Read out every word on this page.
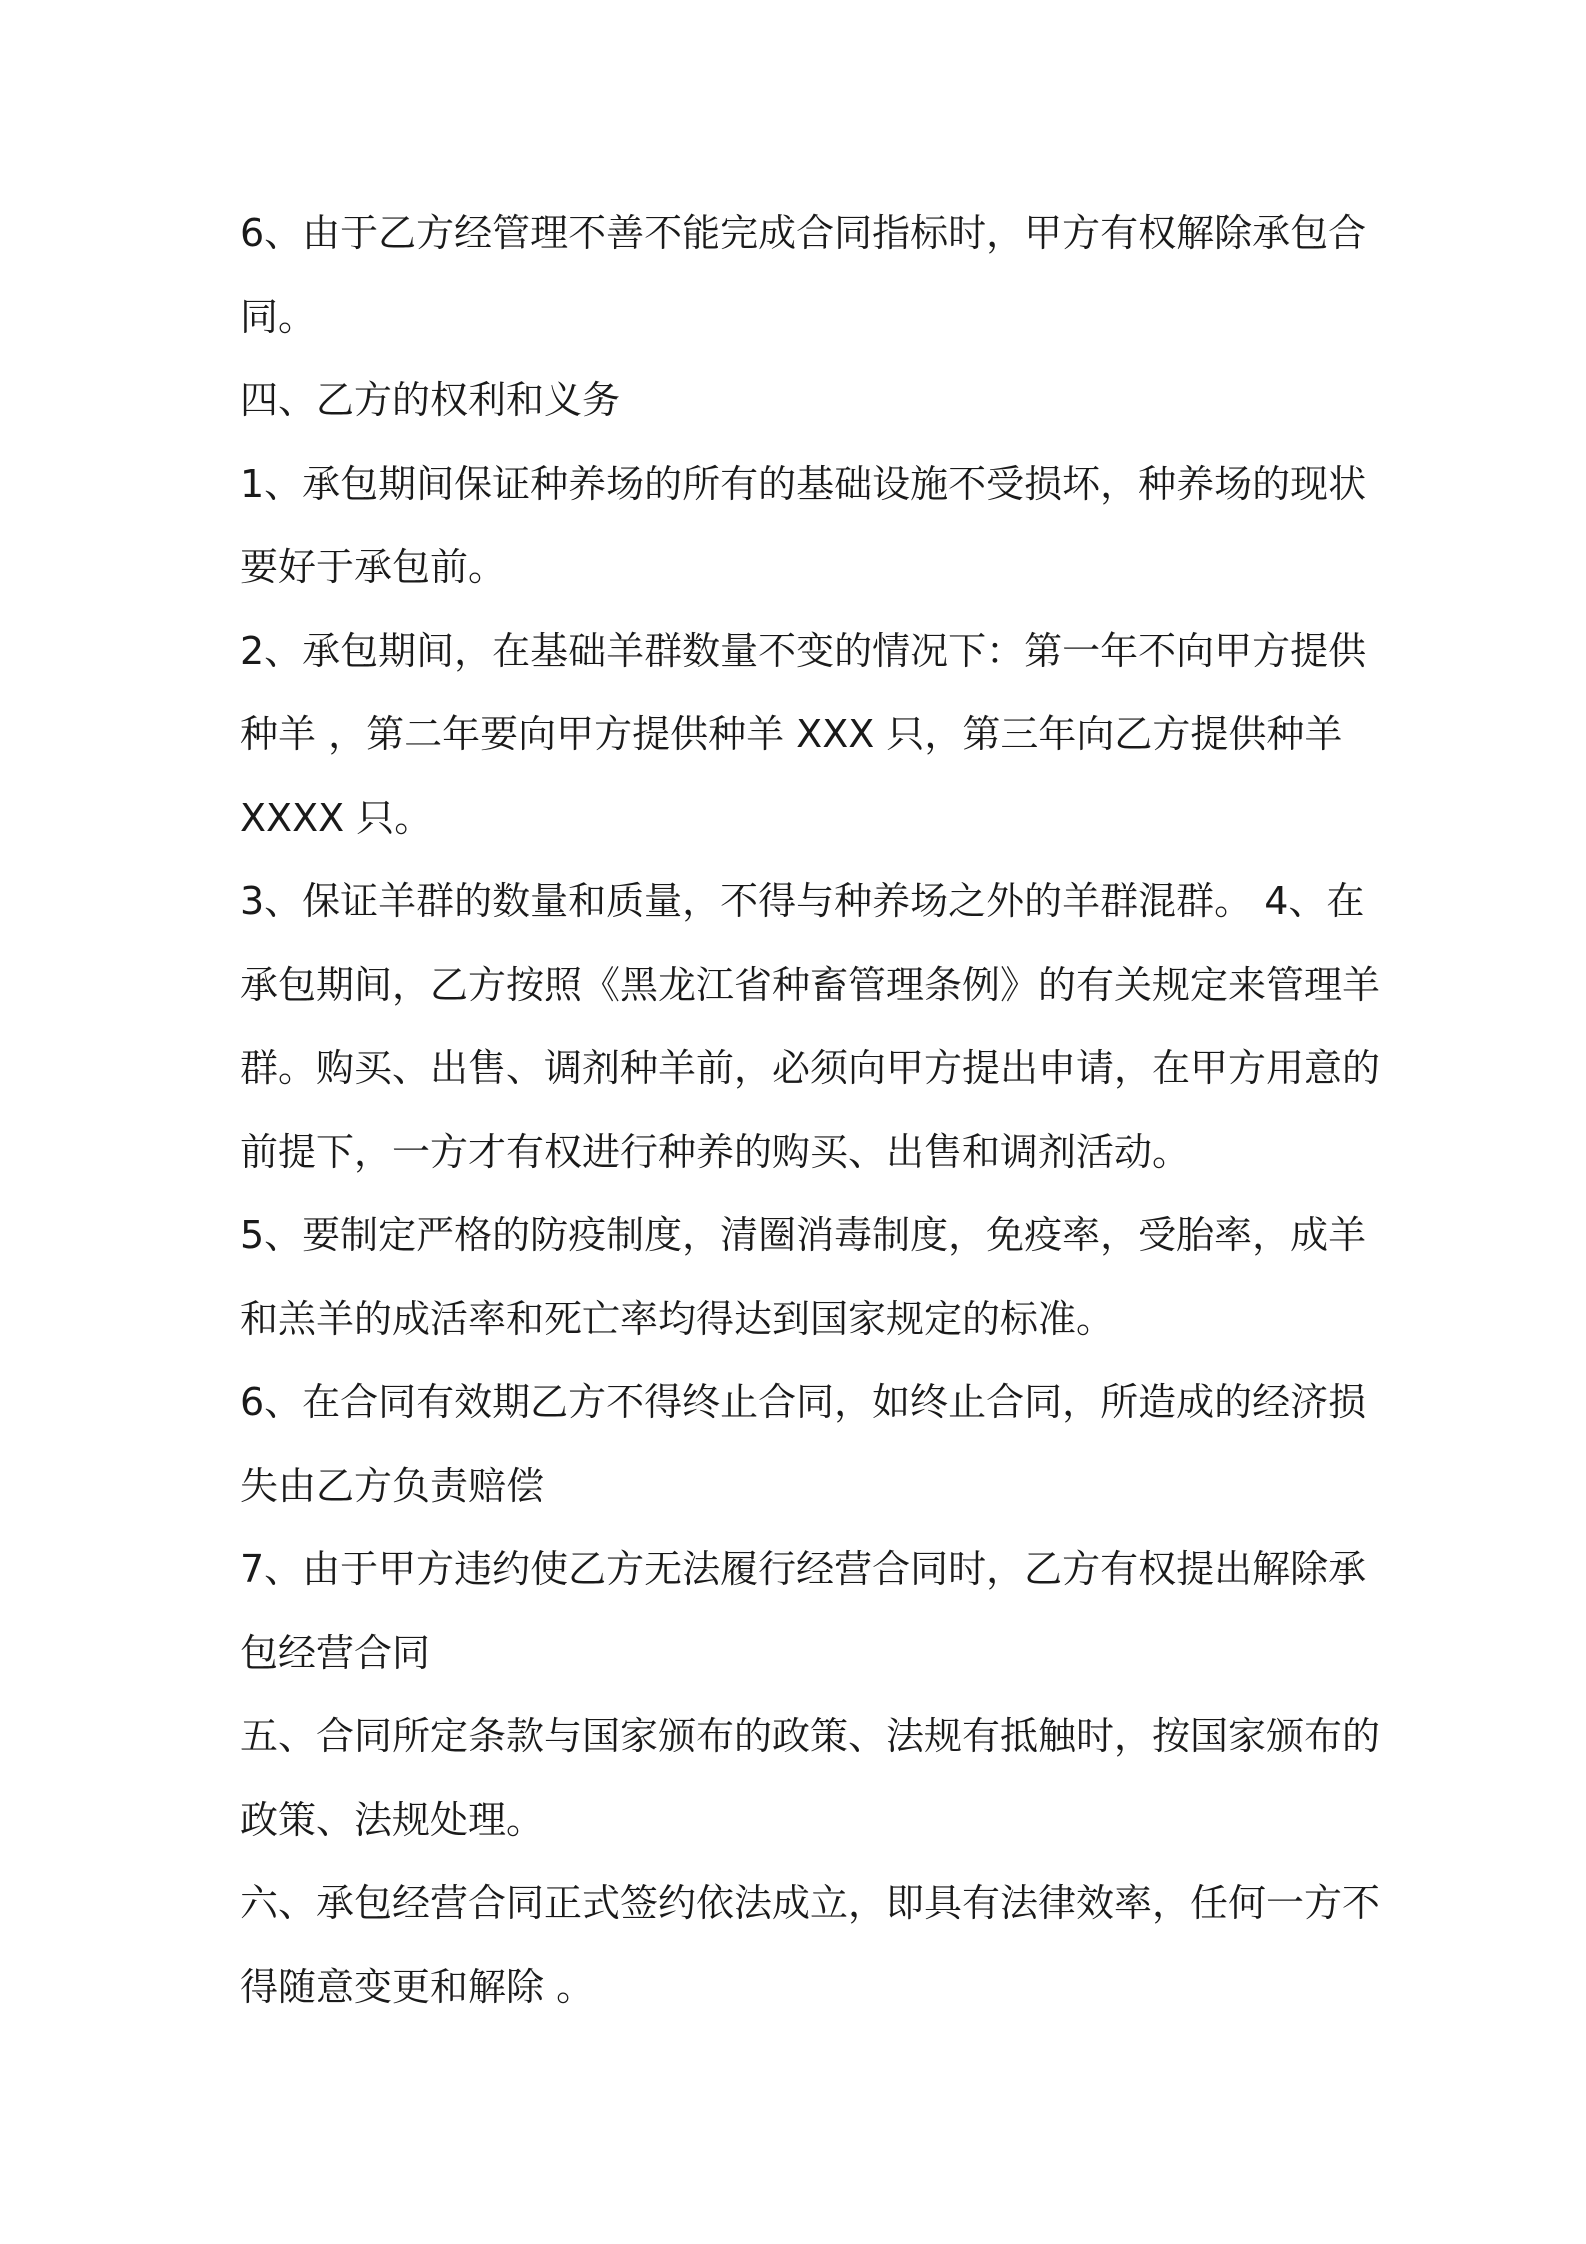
6、由于乙方经管理不善不能完成合同指标时，甲方有权解除承包合
同。
四、乙方的权利和义务
1、承包期间保证种养场的所有的基础设施不受损坏，种养场的现状
要好于承包前。
2、承包期间，在基础羊群数量不变的情况下：第一年不向甲方提供
种羊 ，第二年要向甲方提供种羊 XXX 只，第三年向乙方提供种羊
XXXX 只。
3、保证羊群的数量和质量，不得与种养场之外的羊群混群。 4、在
承包期间，乙方按照《黑龙江省种畜管理条例》的有关规定来管理羊
群。购买、出售、调剂种羊前，必须向甲方提出申请，在甲方用意的
前提下，一方才有权进行种养的购买、出售和调剂活动。
5、要制定严格的防疫制度，清圈消毒制度，免疫率，受胎率，成羊
和羔羊的成活率和死亡率均得达到国家规定的标准。
6、在合同有效期乙方不得终止合同，如终止合同，所造成的经济损
失由乙方负责赔偿
7、由于甲方违约使乙方无法履行经营合同时，乙方有权提出解除承
包经营合同
五、合同所定条款与国家颁布的政策、法规有抵触时，按国家颁布的
政策、法规处理。
六、承包经营合同正式签约依法成立，即具有法律效率，任何一方不
得随意变更和解除 。
